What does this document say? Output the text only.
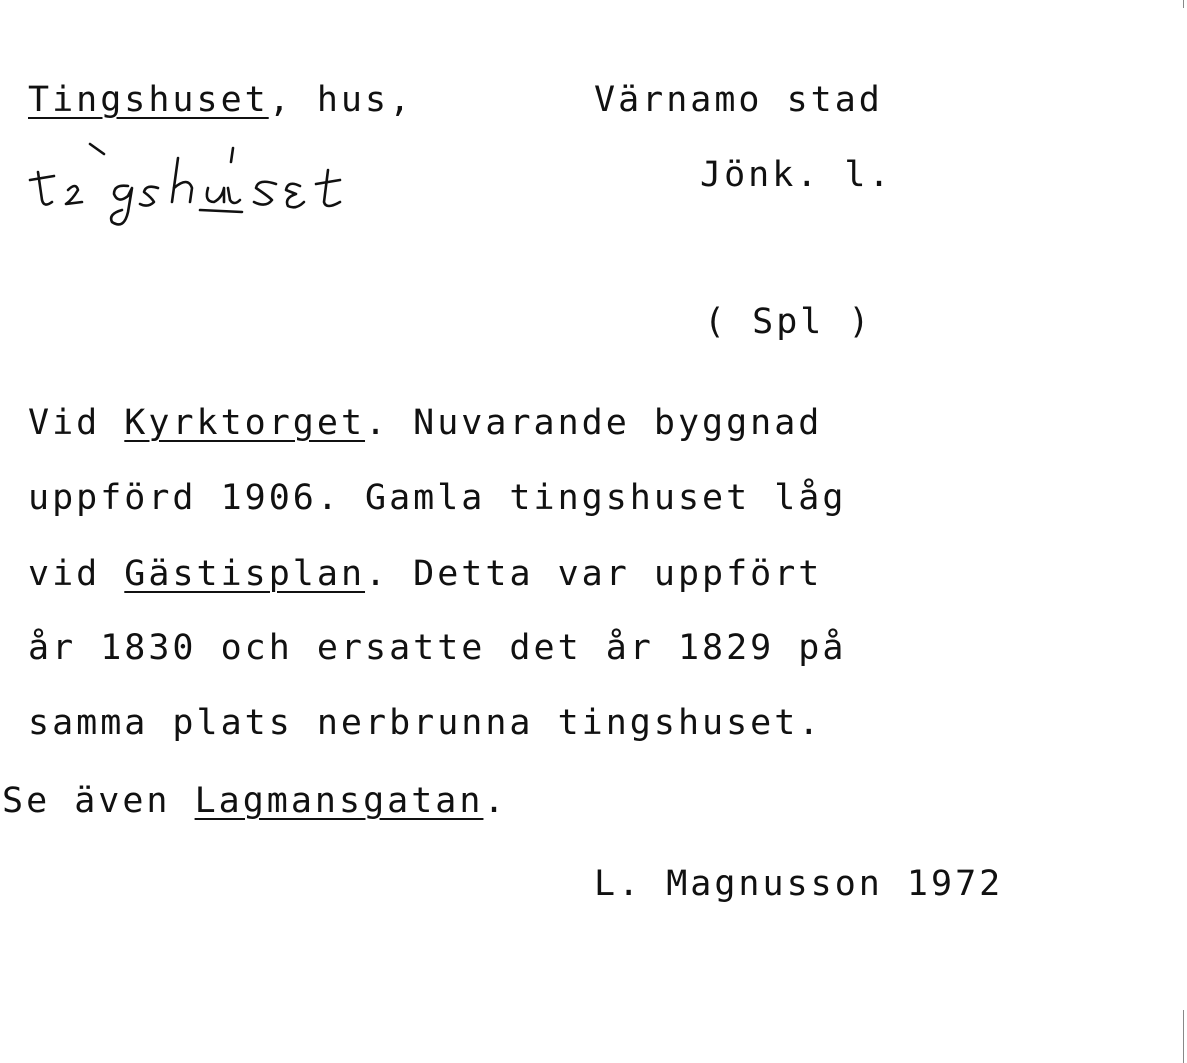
Tingshuset, hus,	Värnamo stad
Jönk. l.
( Spl )
Vid Kyrktorget. Nuvarande byggnad
uppförd 1906. Gamla tingshuset låg
vid Gästisplan. Detta var uppfört
år 1830 och ersatte det år 1829 på
samma plats nerbrunna tingshuset.
Se även Lagmansgatan.
L. Magnusson 1972
